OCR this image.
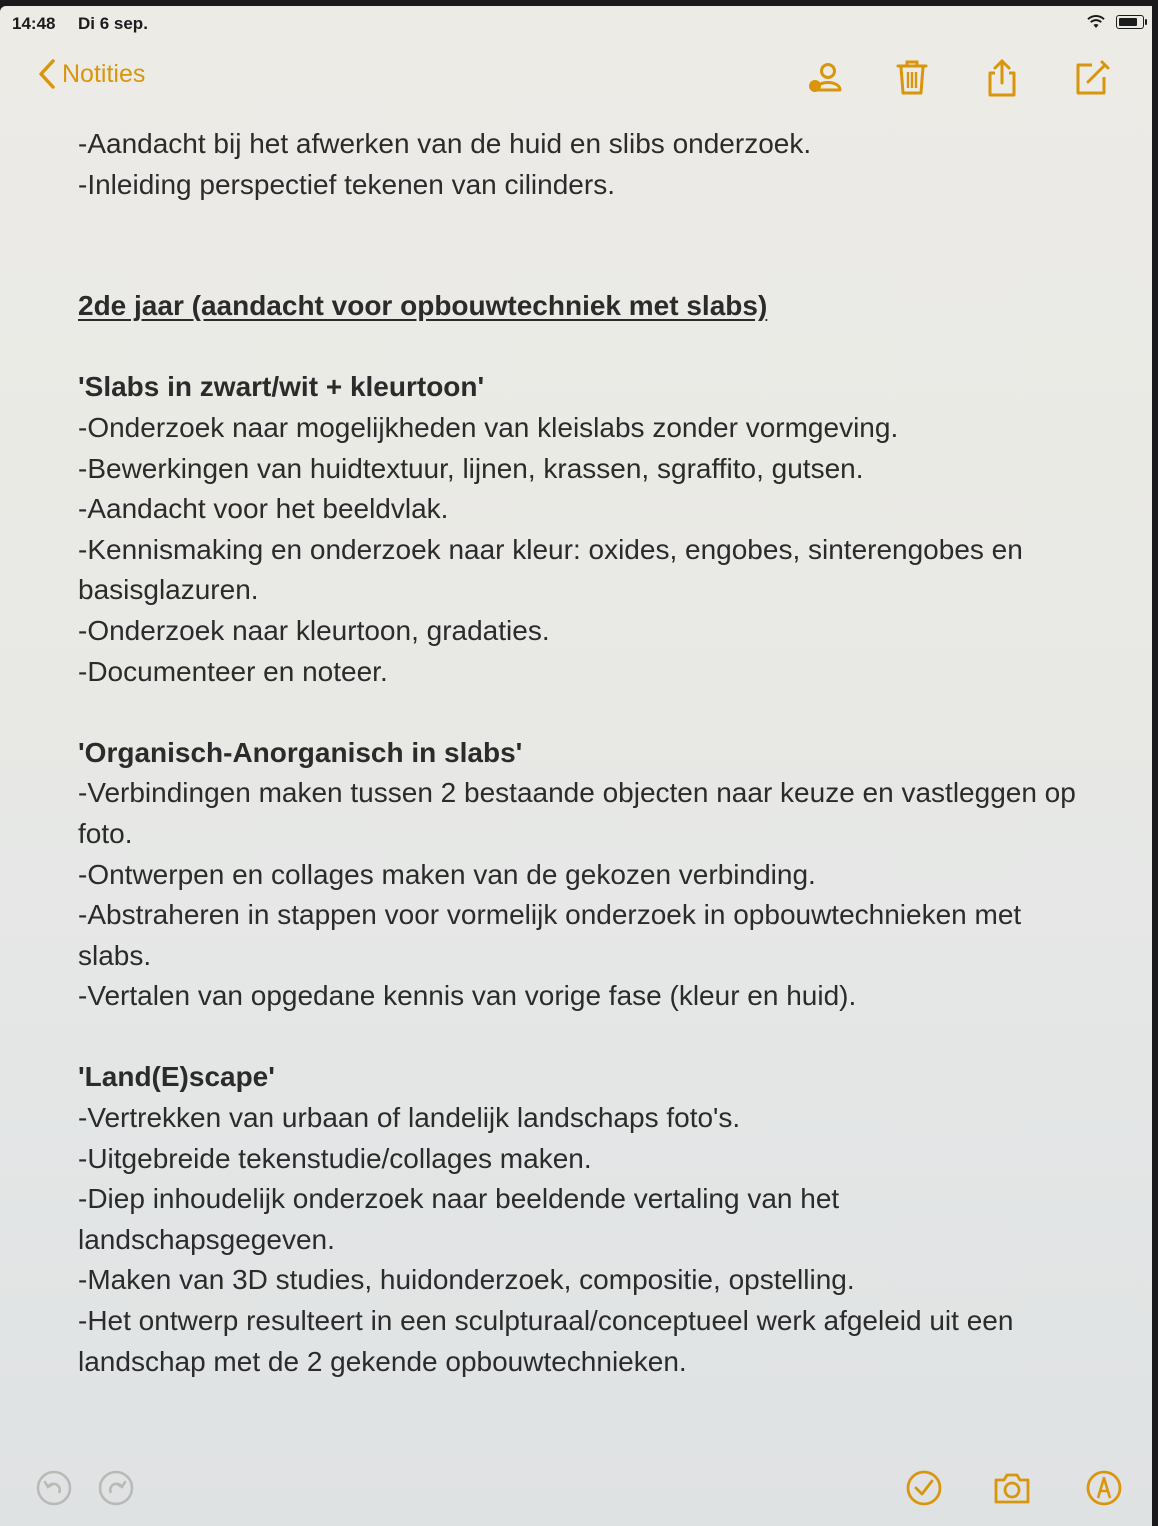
14:48 Di 6 sep.
Notities

-Aandacht bij het afwerken van de huid en slibs onderzoek.

-Inleiding perspectief tekenen van cilinders.

2de jaar (aandacht voor opbouwtechniek met slabs)

'Slabs in zwart/wit + kleurtoon'

-Onderzoek naar mogelijkheden van kleislabs zonder vormgeving.

-Bewerkingen van huidtextuur, lijnen, krassen, sgraffito, gutsen.

-Aandacht voor het beeldvlak.

-Kennismaking en onderzoek naar kleur: oxides, engobes, sinterengobes en basisglazuren.

-Onderzoek naar kleurtoon, gradaties.

-Documenteer en noteer.

'Organisch-Anorganisch in slabs'

-Verbindingen maken tussen 2 bestaande objecten naar keuze en vastleggen op foto.

-Ontwerpen en collages maken van de gekozen verbinding.

-Abstraheren in stappen voor vormelijk onderzoek in opbouwtechnieken met slabs.

-Vertalen van opgedane kennis van vorige fase (kleur en huid).

'Land(E)scape'

-Vertrekken van urbaan of landelijk landschaps foto's.

-Uitgebreide tekenstudie/collages maken.

-Diep inhoudelijk onderzoek naar beeldende vertaling van het landschapsgegeven.

-Maken van 3D studies, huidonderzoek, compositie, opstelling.

-Het ontwerp resulteert in een sculpturaal/conceptueel werk afgeleid uit een landschap met de 2 gekende opbouwtechnieken.
